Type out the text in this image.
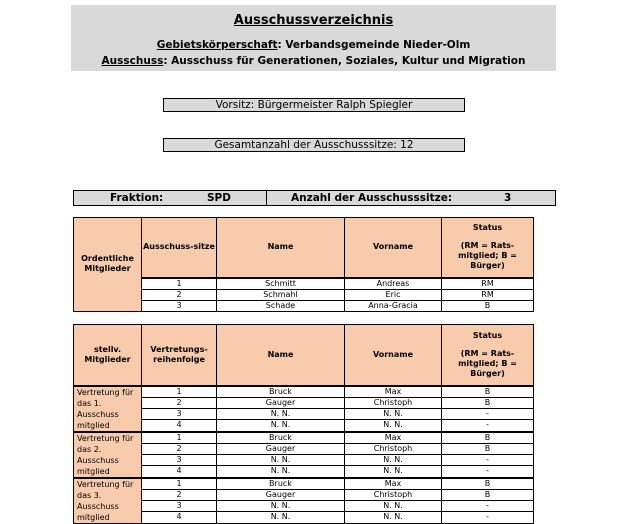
Ausschussverzeichnis
Gebietskörperschaft: Verbandsgemeinde Nieder-Olm
Ausschuss: Ausschuss für Generationen, Soziales, Kultur und Migration
Vorsitz: Bürgermeister Ralph Spiegler
Gesamtanzahl der Ausschusssitze: 12
Fraktion:	SPD	Anzahl der Ausschusssitze:	3
Ordentliche Mitglieder	Ausschuss-sitze	Name	Vorname	Status
(RM = Rats-mitglied; B = Bürger)

	1	Schmitt	Andreas	RM
	2	Schmahl	Eric	RM
	3	Schade	Anna-Gracia	B
stellv. Mitglieder	Vertretungs-reihenfolge	Name	Vorname	Status
(RM = Rats-mitglied; B = Bürger)

Vertretung für das 1. Ausschuss mitglied	1	Bruck	Max	B
	2	Gauger	Christoph	B
	3	N. N.	N. N.	-
	4	N. N.	N. N.	-
Vertretung für das 2. Ausschuss mitglied	1	Bruck	Max	B
	2	Gauger	Christoph	B
	3	N. N.	N. N.	-
	4	N. N.	N. N.	-
Vertretung für das 3. Ausschuss mitglied	1	Bruck	Max	B
	2	Gauger	Christoph	B
	3	N. N.	N. N.	-
	4	N. N.	N. N.	-
